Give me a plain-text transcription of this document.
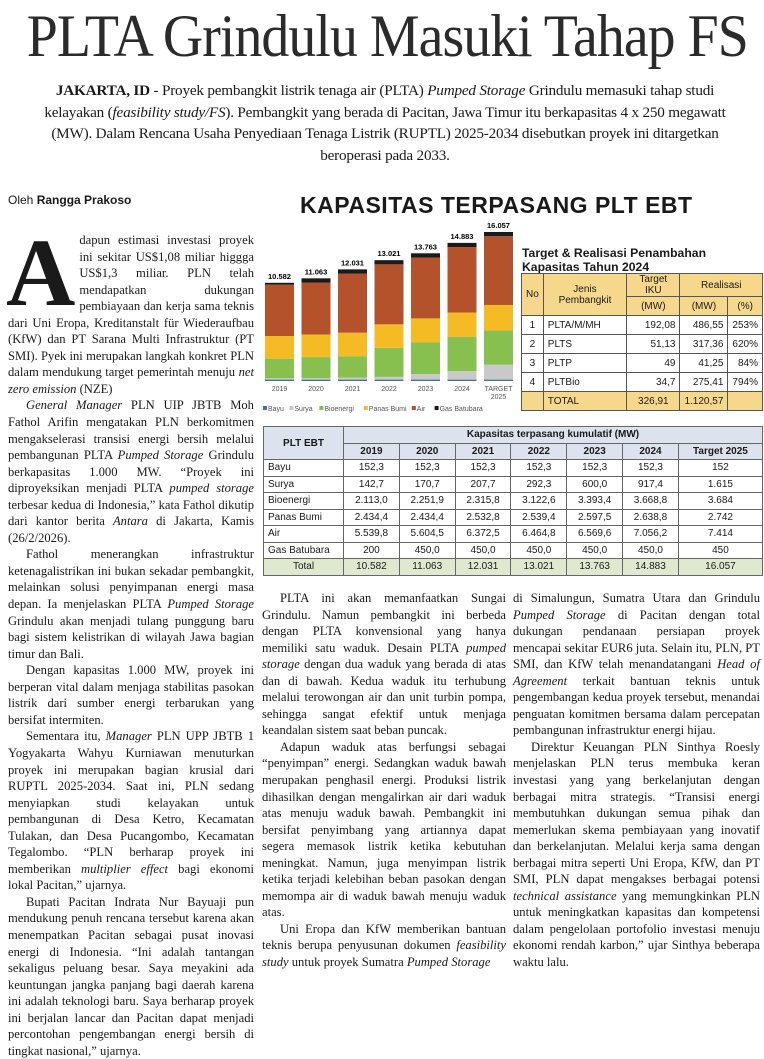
PLTA Grindulu Masuki Tahap FS
JAKARTA, ID - Proyek pembangkit listrik tenaga air (PLTA) Pumped Storage Grindulu memasuki tahap studi kelayakan (feasibility study/FS). Pembangkit yang berada di Pacitan, Jawa Timur itu berkapasitas 4 x 250 megawatt (MW). Dalam Rencana Usaha Penyediaan Tenaga Listrik (RUPTL) 2025-2034 disebutkan proyek ini ditargetkan beroperasi pada 2033.
Oleh Rangga Prakoso

Adapun estimasi investasi proyek ini sekitar US$1,08 miliar higgga US$1,3 miliar. PLN telah mendapatkan dukungan pembiayaan dan kerja sama teknis dari Uni Eropa, Kreditanstalt für Wiederaufbau (KfW) dan PT Sarana Multi Infrastruktur (PT SMI). Pyek ini merupakan langkah konkret PLN dalam mendukung target pemerintah menuju net zero emission (NZE)

General Manager PLN UIP JBTB Moh Fathol Arifin mengatakan PLN berkomitmen mengakselerasi transisi energi bersih melalui pembangunan PLTA Pumped Storage Grindulu berkapasitas 1.000 MW. “Proyek ini diproyeksikan menjadi PLTA pumped storage terbesar kedua di Indonesia,” kata Fathol dikutip dari kantor berita Antara di Jakarta, Kamis (26/2/2026).

Fathol menerangkan infrastruktur ketenagalistrikan ini bukan sekadar pembangkit, melainkan solusi penyimpanan energi masa depan. Ia menjelaskan PLTA Pumped Storage Grindulu akan menjadi tulang punggung baru bagi sistem kelistrikan di wilayah Jawa bagian timur dan Bali.

Dengan kapasitas 1.000 MW, proyek ini berperan vital dalam menjaga stabilitas pasokan listrik dari sumber energi terbarukan yang bersifat intermiten.

Sementara itu, Manager PLN UPP JBTB 1 Yogyakarta Wahyu Kurniawan menuturkan proyek ini merupakan bagian krusial dari RUPTL 2025-2034. Saat ini, PLN sedang menyiapkan studi kelayakan untuk pembangunan di Desa Ketro, Kecamatan Tulakan, dan Desa Pucangombo, Kecamatan Tegalombo. “PLN berharap proyek ini memberikan multiplier effect bagi ekonomi lokal Pacitan,” ujarnya.

Bupati Pacitan Indrata Nur Bayuaji pun mendukung penuh rencana tersebut karena akan menempatkan Pacitan sebagai pusat inovasi energi di Indonesia. “Ini adalah tantangan sekaligus peluang besar. Saya meyakini ada keuntungan jangka panjang bagi daerah karena ini adalah teknologi baru. Saya berharap proyek ini berjalan lancar dan Pacitan dapat menjadi percontohan pengembangan energi bersih di tingkat nasional,” ujarnya.

PLTA ini akan memanfaatkan Sungai Grindulu. Namun pembangkit ini berbeda dengan PLTA konvensional yang hanya memiliki satu waduk. Desain PLTA pumped storage dengan dua waduk yang berada di atas dan di bawah. Kedua waduk itu terhubung melalui terowongan air dan unit turbin pompa, sehingga sangat efektif untuk menjaga keandalan sistem saat beban puncak.

Adapun waduk atas berfungsi sebagai “penyimpan” energi. Sedangkan waduk bawah merupakan penghasil energi. Produksi listrik dihasilkan dengan mengalirkan air dari waduk atas menuju waduk bawah. Pembangkit ini bersifat penyimbang yang artiannya dapat segera memasok listrik ketika kebutuhan meningkat. Namun, juga menyimpan listrik ketika terjadi kelebihan beban pasokan dengan memompa air di waduk bawah menuju waduk atas.

Uni Eropa dan KfW memberikan bantuan teknis berupa penyusunan dokumen feasibility study untuk proyek Sumatra Pumped Storage

di Simalungun, Sumatra Utara dan Grindulu Pumped Storage di Pacitan dengan total dukungan pendanaan persiapan proyek mencapai sekitar EUR6 juta. Selain itu, PLN, PT SMI, dan KfW telah menandatangani Head of Agreement terkait bantuan teknis untuk pengembangan kedua proyek tersebut, menandai penguatan komitmen bersama dalam percepatan pembangunan infrastruktur energi hijau.

Direktur Keuangan PLN Sinthya Roesly menjelaskan PLN terus membuka keran investasi yang yang berkelanjutan dengan berbagai mitra strategis. “Transisi energi membutuhkan dukungan semua pihak dan memerlukan skema pembiayaan yang inovatif dan berkelanjutan. Melalui kerja sama dengan berbagai mitra seperti Uni Eropa, KfW, dan PT SMI, PLN dapat mengakses berbagai potensi technical assistance yang memungkinkan PLN untuk meningkatkan kapasitas dan kompetensi dalam pengelolaan portofolio investasi menuju ekonomi rendah karbon,” ujar Sinthya beberapa waktu lalu.

KAPASITAS TERPASANG PLT EBT
10.582
2019
11.063
2020
12.031
2021
13.021
2022
13.763
2023
14.883
2024
16.057
TARGET 2025
Bayu Surya Bioenergi Panas Bumi Air Gas Batubara
Target & Realisasi Penambahan Kapasitas Tahun 2024
No	Jenis Pembangkit	Target IKU	Realisasi	
		(MW)	(MW)	(%)
1	PLTA/M/MH	192,08	486,55	253%
2	PLTS	51,13	317,36	620%
3	PLTP	49	41,25	84%
4	PLTBio	34,7	275,41	794%
	TOTAL	326,91	1.120,57	
PLT EBT	Kapasitas terpasang kumulatif (MW)						
	2019	2020	2021	2022	2023	2024	Target 2025
Bayu	152,3	152,3	152,3	152,3	152,3	152,3	152
Surya	142,7	170,7	207,7	292,3	600,0	917,4	1.615
Bioenergi	2.113,0	2.251,9	2.315,8	3.122,6	3.393,4	3.668,8	3.684
Panas Bumi	2.434,4	2.434,4	2.532,8	2.539,4	2.597,5	2.638,8	2.742
Air	5.539,8	5.604,5	6.372,5	6.464,8	6.569,6	7.056,2	7.414
Gas Batubara	200	450,0	450,0	450,0	450,0	450,0	450
Total	10.582	11.063	12.031	13.021	13.763	14.883	16.057
